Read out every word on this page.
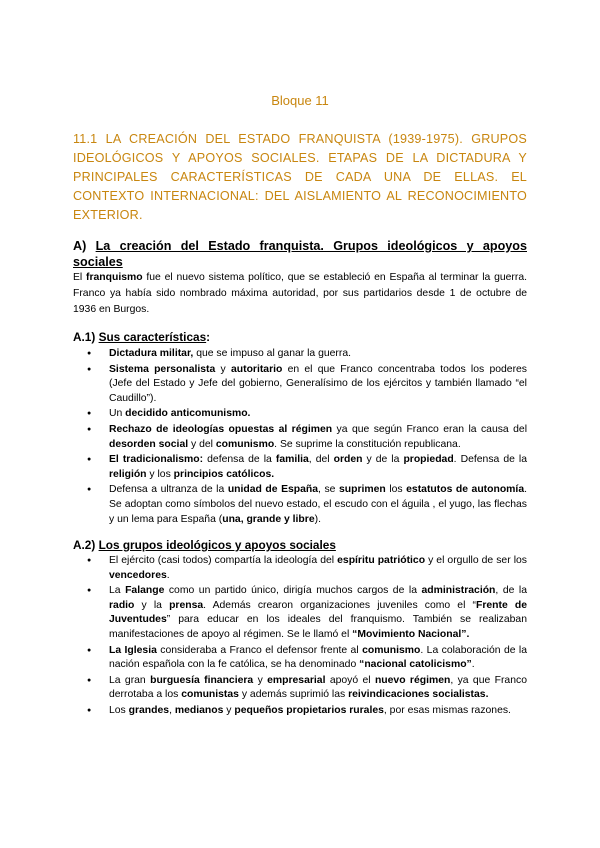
Bloque 11
11.1 LA CREACIÓN DEL ESTADO FRANQUISTA (1939-1975). GRUPOS IDEOLÓGICOS Y APOYOS SOCIALES. ETAPAS DE LA DICTADURA Y PRINCIPALES CARACTERÍSTICAS DE CADA UNA DE ELLAS. EL CONTEXTO INTERNACIONAL: DEL AISLAMIENTO AL RECONOCIMIENTO EXTERIOR.
A) La creación del Estado franquista. Grupos ideológicos y apoyos sociales
El franquismo fue el nuevo sistema político, que se estableció en España al terminar la guerra. Franco ya había sido nombrado máxima autoridad, por sus partidarios desde 1 de octubre de 1936 en Burgos.
A.1) Sus características:
● Dictadura militar, que se impuso al ganar la guerra.
● Sistema personalista y autoritario en el que Franco concentraba todos los poderes (Jefe del Estado y Jefe del gobierno, Generalísimo de los ejércitos y también llamado “el Caudillo”).
● Un decidido anticomunismo.
● Rechazo de ideologías opuestas al régimen ya que según Franco eran la causa del desorden social y del comunismo. Se suprime la constitución republicana.
● El tradicionalismo: defensa de la familia, del orden y de la propiedad. Defensa de la religión y los principios católicos.
● Defensa a ultranza de la unidad de España, se suprimen los estatutos de autonomía. Se adoptan como símbolos del nuevo estado, el escudo con el águila , el yugo, las flechas y un lema para España (una, grande y libre).
A.2) Los grupos ideológicos y apoyos sociales
● El ejército (casi todos) compartía la ideología del espíritu patriótico y el orgullo de ser los vencedores.
● La Falange como un partido único, dirigía muchos cargos de la administración, de la radio y la prensa. Además crearon organizaciones juveniles como el “Frente de Juventudes” para educar en los ideales del franquismo. También se realizaban manifestaciones de apoyo al régimen. Se le llamó el “Movimiento Nacional”.
● La Iglesia consideraba a Franco el defensor frente al comunismo. La colaboración de la nación española con la fe católica, se ha denominado “nacional catolicismo”.
● La gran burguesía financiera y empresarial apoyó el nuevo régimen, ya que Franco derrotaba a los comunistas y además suprimió las reivindicaciones socialistas.
● Los grandes, medianos y pequeños propietarios rurales, por esas mismas razones.
